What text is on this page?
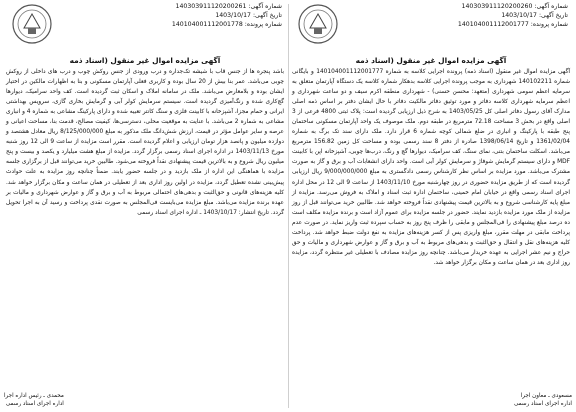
شماره آگهی: 140303911120200260
تاریخ آگهی: 1403/10/17
شماره پرونده: 140104001112001777
آگهی مزایده اموال غیر منقول (اسناد ذمه

آگهی مزایده اموال غیر منقول (اسناد ذمه) پرونده اجرایی کلاسه به شماره 140104001112001777 و بایگانی شماره 140102211 شهرداری به موجب پرونده اجرایی کلاسه بدهکار شماره کلاسه یک دستگاه آپارتمان متعلق به سرمایه اعظم سومی شهرداری (متعهد: محسن حسنی) - شهرداری منطقه اکرم سیف و دو ساعت شهرداری و اعظم سرمایه شهرداری کلاسه دفاتر و مورد توثیق دفاتر مالکیت دفاتر با حال ایشان دفتر بر اساس ذمه اصلی مدارک آقای رسول دفاتر اصلی کل 1403/05/25 به شرح ذیل ارزیابی گردیده است: پلاک ثبتی 4800 فرعی از 3 اصلی واقع در بخش 3 مساحت 72.18 مترمربع در طبقه دوم. ملک موصوف یک واحد آپارتمان مسکونی ساختمان پنج طبقه با پارکینگ و انباری در ضلع شمالی کوچه شماره 6 قرار دارد. ملک دارای سند تک برگ به شماره 1361/02/04 و تاریخ 1398/06/14 صادره از دفتر 8 سند رسمی بوده و مساحت کل زمین 156.82 مترمربع می‌باشد. اسکلت ساختمان بتنی، نمای سنگ، کف سرامیک، دیوارها گچ و رنگ، درب‌ها چوبی، آشپزخانه اپن با کابینت MDF و دارای سیستم گرمایش شوفاژ و سرمایش کولر آبی است. واحد دارای انشعابات آب و برق و گاز به صورت مشترک می‌باشد. مورد مزایده بر اساس نظر کارشناس رسمی دادگستری به مبلغ 9/000/000/000 ریال ارزیابی گردیده است که از طریق مزایده حضوری در روز چهارشنبه مورخ 1403/11/10 از ساعت 9 الی 12 در محل اداره اجرای اسناد رسمی واقع در خیابان امام خمینی، ساختمان اداره ثبت اسناد و املاک به فروش می‌رسد. مزایده از مبلغ پایه کارشناسی شروع و به بالاترین قیمت پیشنهادی نقداً فروخته خواهد شد. طالبین خرید می‌توانند قبل از روز مزایده از ملک مورد مزایده بازدید نمایند. حضور در جلسه مزایده برای عموم آزاد است و برنده مزایده مکلف است ده درصد مبلغ پیشنهادی را فی‌المجلس و مابقی را ظرف پنج روز به حساب سپرده ثبت واریز نماید. در صورت عدم پرداخت مابقی در مهلت مقرر، مبلغ واریزی پس از کسر هزینه‌های مزایده به نفع دولت ضبط خواهد شد. پرداخت کلیه هزینه‌های نقل و انتقال و حق‌الثبت و بدهی‌های مربوط به آب و برق و گاز و عوارض شهرداری و مالیات و حق حراج و نیم عشر اجرایی به عهده خریدار می‌باشد. چنانچه روز مزایده مصادف با تعطیلی غیر منتظره گردد، مزایده روز اداری بعد در همان ساعت و مکان برگزار خواهد شد.

شماره آگهی: 140303911120200261
تاریخ آگهی: 1403/10/17
شماره پرونده: 140104001112001778
آگهی مزایده اموال غیر منقول (اسناد ذمه

باشد پنجره ها از جنس قاب با شیشه تک‌جداره و درب ورودی از جنس روکش چوب و درب های داخلی از روکش چوبی می‌باشد. عمر بنا بیش از 20 سال بوده و کاربری فعلی آپارتمان مسکونی و بنا به اظهارات مالکین در اختیار ایشان بوده و بلامعارض می‌باشد. ملک در سامانه املاک و اسکان ثبت گردیده است. کف واحد سرامیک، دیوارها گچ‌کاری شده و رنگ‌آمیزی گردیده است. سیستم سرمایش کولر آبی و گرمایش بخاری گازی، سرویس بهداشتی ایرانی و حمام مجزا، آشپزخانه با کابینت فلزی و سنگ کانتر تعبیه شده و دارای پارکینگ مشاعی به شماره 4 و انباری مشاعی به شماره 2 می‌باشد. با عنایت به موقعیت محلی، دسترسی‌ها، کیفیت مصالح، قدمت بنا، مساحت اعیانی و عرصه و سایر عوامل مؤثر در قیمت، ارزش شش‌دانگ ملک مذکور به مبلغ 8/125/000/000 ریال معادل هشتصد و دوازده میلیون و پانصد هزار تومان ارزیابی و اعلام گردیده است. مقرر است مزایده از ساعت 9 الی 12 روز شنبه مورخ 1403/11/13 در اداره اجرای اسناد رسمی برگزار گردد. مزایده از مبلغ هشت میلیارد و یکصد و بیست و پنج میلیون ریال شروع و به بالاترین قیمت پیشنهادی نقداً فروخته می‌شود. طالبین خرید می‌توانند قبل از برگزاری جلسه مزایده با هماهنگی این اداره از ملک بازدید و در جلسه حضور یابند. ضمناً چنانچه روز مزایده به علت حوادث پیش‌بینی نشده تعطیل گردد، مزایده در اولین روز اداری بعد از تعطیلی در همان ساعت و مکان برگزار خواهد شد. کلیه هزینه‌های قانونی و حق‌الثبت و بدهی‌های احتمالی مربوط به آب و برق و گاز و عوارض شهرداری و مالیات بر عهده برنده مزایده می‌باشد. مبلغ مزایده می‌بایست فی‌المجلس به صورت نقدی پرداخت و رسید آن به اجرا تحویل گردد. تاریخ انتشار: 1403/10/17 ـ اداره اجرای اسناد رسمی

مسعودی ـ معاون اجرا
اداره اجرای اسناد رسمی
محمدی ـ رئیس اداره اجرا
اداره اجرای اسناد رسمی
